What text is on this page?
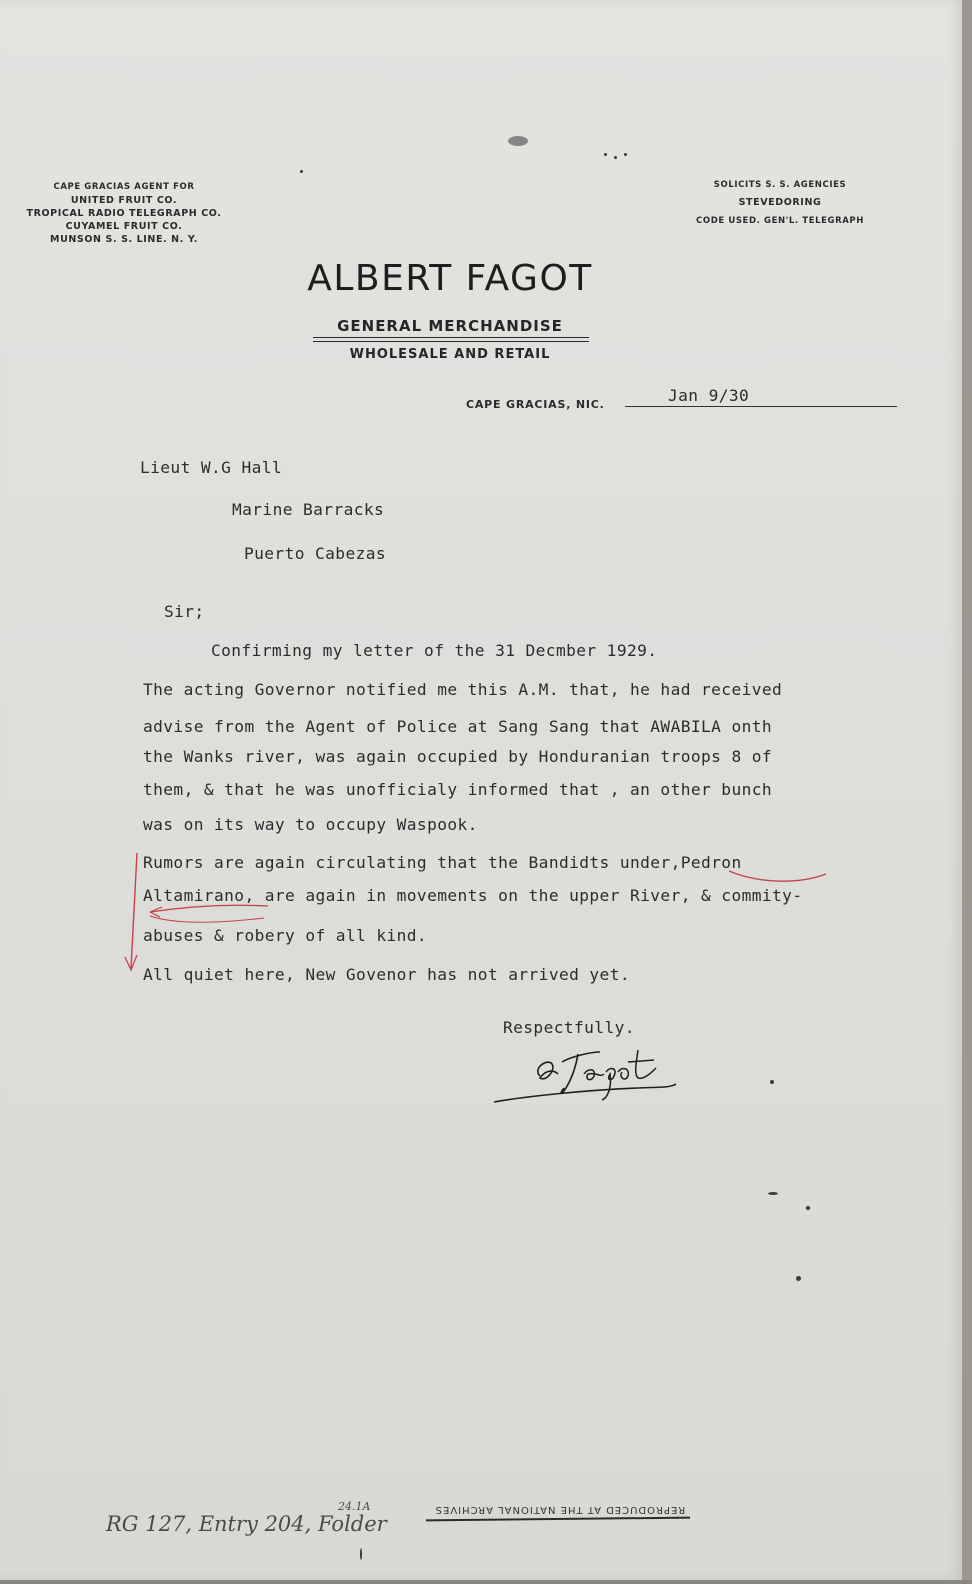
CAPE GRACIAS AGENT FOR
UNITED FRUIT CO.
TROPICAL RADIO TELEGRAPH CO.
CUYAMEL FRUIT CO.
MUNSON S. S. LINE. N. Y.
SOLICITS S. S. AGENCIES
STEVEDORING
CODE USED. GEN'L. TELEGRAPH
ALBERT FAGOT
GENERAL MERCHANDISE
WHOLESALE AND RETAIL
CAPE GRACIAS, NIC.	Jan 9/30
Lieut W.G Hall
Marine Barracks
Puerto Cabezas
Sir;
Confirming my letter of the 31 Decmber 1929.
The acting Governor notified me this A.M. that, he had received
advise from the Agent of Police at Sang Sang that AWABILA onth
the Wanks river, was again occupied by Honduranian troops 8 of
them, & that he was unofficialy informed that , an other bunch
was on its way to occupy Waspook.
Rumors are again circulating that the Bandidts under,Pedron
Altamirano, are again in movements on the upper River, & commity-
abuses & robery of all kind.
All quiet here, New Govenor has not arrived yet.
Respectfully.
RG 127, Entry 204, Folder
24.1A	REPRODUCED AT THE NATIONAL ARCHIVES
